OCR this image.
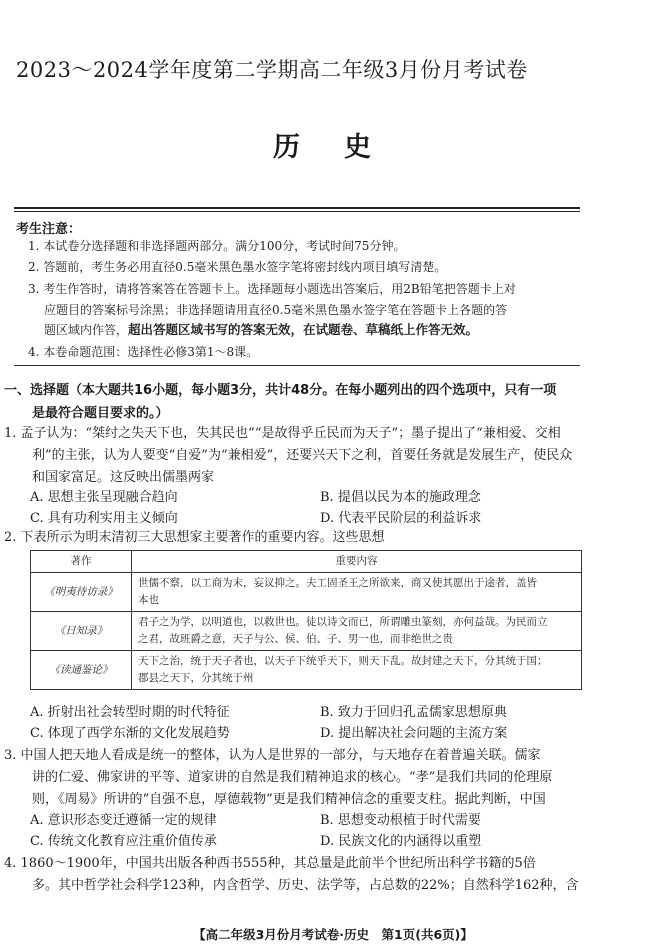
2023～2024学年度第二学期高二年级3月份月考试卷
历史
考生注意：
1. 本试卷分选择题和非选择题两部分。满分100分，考试时间75分钟。
2. 答题前，考生务必用直径0.5毫米黑色墨水签字笔将密封线内项目填写清楚。
3. 考生作答时，请将答案答在答题卡上。选择题每小题选出答案后，用2B铅笔把答题卡上对
应题目的答案标号涂黑；非选择题请用直径0.5毫米黑色墨水签字笔在答题卡上各题的答
题区域内作答，超出答题区域书写的答案无效，在试题卷、草稿纸上作答无效。
4. 本卷命题范围：选择性必修3第1～8课。
一、选择题（本大题共16小题，每小题3分，共计48分。在每小题列出的四个选项中，只有一项
是最符合题目要求的。）
1. 孟子认为：“桀纣之失天下也，失其民也”“是故得乎丘民而为天子”；墨子提出了“兼相爱、交相
利”的主张，认为人要变“自爱”为“兼相爱”，还要兴天下之利，首要任务就是发展生产，使民众
和国家富足。这反映出儒墨两家
A. 思想主张呈现融合趋向	B. 提倡以民为本的施政理念
C. 具有功利实用主义倾向	D. 代表平民阶层的利益诉求
2. 下表所示为明末清初三大思想家主要著作的重要内容。这些思想
著作	重要内容
《明夷待访录》	世儒不察，以工商为末，妄议抑之。夫工固圣王之所欲来，商又使其愿出于途者，盖皆
本也

《日知录》	君子之为学，以明道也，以救世也。徒以诗文而已，所谓雕虫篆刻，亦何益哉。为民而立
之君，故班爵之意，天子与公、侯、伯、子、男一也，而非绝世之贵

《读通鉴论》	天下之治，统于天子者也，以天子下统乎天下，则天下乱。故封建之天下，分其统于国；
郡县之天下，分其统于州
A. 折射出社会转型时期的时代特征	B. 致力于回归孔孟儒家思想原典
C. 体现了西学东渐的文化发展趋势	D. 提出解决社会问题的主流方案
3. 中国人把天地人看成是统一的整体，认为人是世界的一部分，与天地存在着普遍关联。儒家
讲的仁爱、佛家讲的平等、道家讲的自然是我们精神追求的核心。“孝”是我们共同的伦理原
则，《周易》所讲的“自强不息，厚德载物”更是我们精神信念的重要支柱。据此判断，中国
A. 意识形态变迁遵循一定的规律	B. 思想变动根植于时代需要
C. 传统文化教育应注重价值传承	D. 民族文化的内涵得以重塑
4. 1860～1900年，中国共出版各种西书555种，其总量是此前半个世纪所出科学书籍的5倍
多。其中哲学社会科学123种，内含哲学、历史、法学等，占总数的22%；自然科学162种，含
【高二年级3月份月考试卷·历史　第1页(共6页)】
